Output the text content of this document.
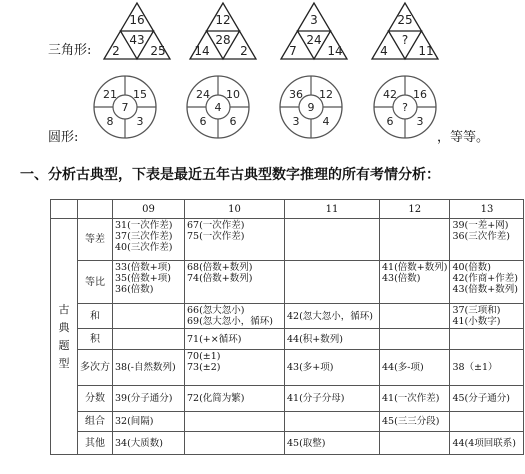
三角形:
16
43
2	25
12
28
14	2
3
24
7	14
25
?
4	11
圆形:
21 15
7
8 3
24 10
4
6 6
36 12
9
3 4
42 16
?
6 3
，等等。
一、分析古典型，下表是最近五年古典型数字推理的所有考情分析：
		09	10	11	12	13

古
典
题
型	等差	31(一次作差)
37(三次作差)
40(三次作差)	67(一次作差)
75(一次作差)			39(一差+网)
36(三次作差)

	等比	33(倍数+项)
35(倍数+项)
36(倍数)	68(倍数+数列)
74(倍数+数列)		41(倍数+数列)
43(倍数)	40(倍数)
42(作商+作差)
43(倍数+数列)

	和		66(忽大忽小)
69(忽大忽小，循环)	42(忽大忽小，循环)		37(三项和)
41(小数字)

	积		71(+×循环)	44(积+数列)		

	多次方	38(-自然数列)	70(±1)
73(±2)	43(多+项)	44(多-项)	38（±1）

	分数	39(分子通分)	72(化简为繁)	41(分子分母)	41(一次作差)	45(分子通分)

	组合	32(间隔)			45(三三分段)	

	其他	34(大质数)		45(取整)		44(4项回联系)
